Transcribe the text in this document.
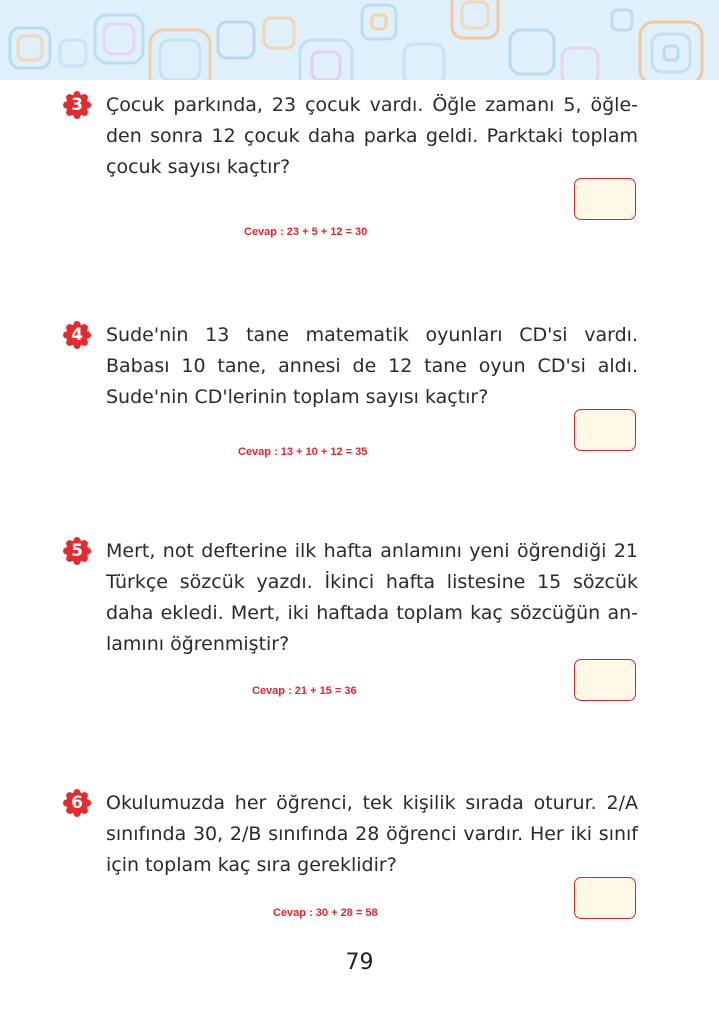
3	Çocuk parkında, 23 çocuk vardı. Öğle zamanı 5, öğle-den sonra 12 çocuk daha parka geldi. Parktaki toplam çocuk sayısı kaçtır?

Cevap : 23 + 5 + 12 = 30

4	Sude'nin 13 tane matematik oyunları CD'si vardı. Babası 10 tane, annesi de 12 tane oyun CD'si aldı. Sude'nin CD'lerinin toplam sayısı kaçtır?

Cevap : 13 + 10 + 12 = 35

5	Mert, not defterine ilk hafta anlamını yeni öğrendiği 21 Türkçe sözcük yazdı. İkinci hafta listesine 15 sözcük daha ekledi. Mert, iki haftada toplam kaç sözcüğün an-lamını öğrenmiştir?

Cevap : 21 + 15 = 36

6	Okulumuzda her öğrenci, tek kişilik sırada oturur. 2/A sınıfında 30, 2/B sınıfında 28 öğrenci vardır. Her iki sınıf için toplam kaç sıra gereklidir?

Cevap : 30 + 28 = 58

79
